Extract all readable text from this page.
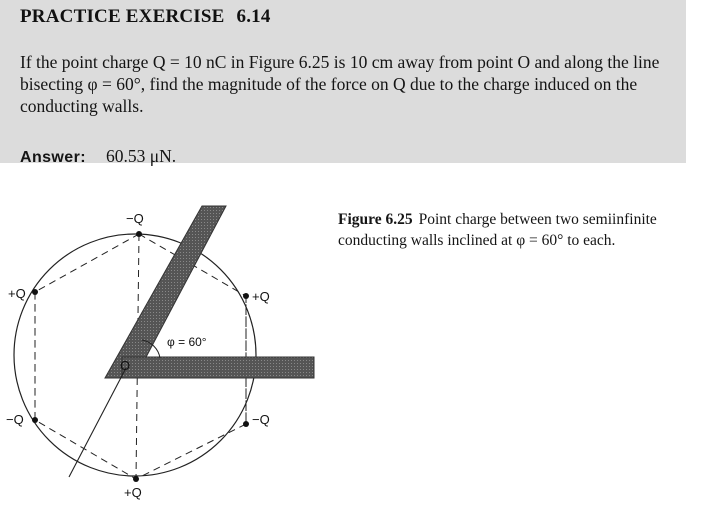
PRACTICE EXERCISE 6.14
If the point charge Q = 10 nC in Figure 6.25 is 10 cm away from point O and along the line bisecting φ = 60°, find the magnitude of the force on Q due to the charge induced on the conducting walls.
Answer: 60.53 μN.
φ = 60°
O
−Q
+Q	+Q
−Q	−Q
+Q
Figure 6.25 Point charge between two semiinfinite conducting walls inclined at φ = 60° to each.
